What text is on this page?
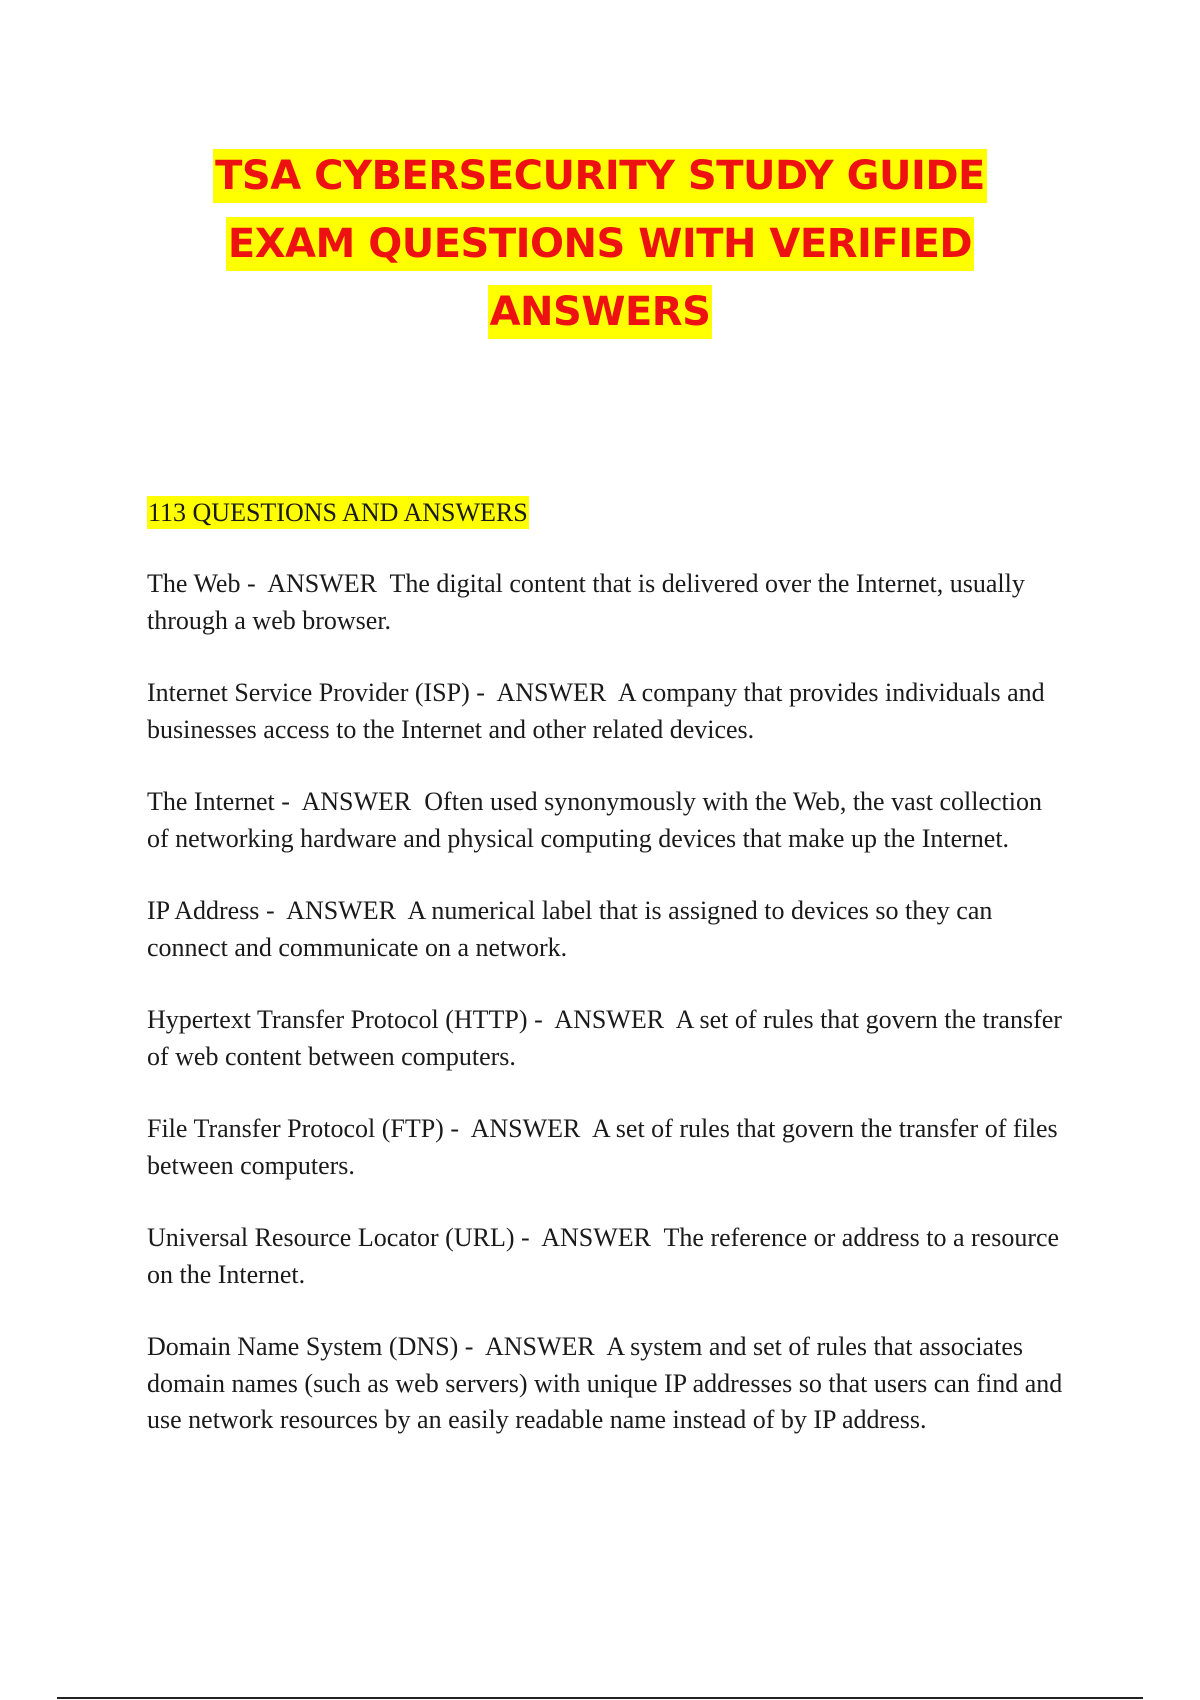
TSA CYBERSECURITY STUDY GUIDE
EXAM QUESTIONS WITH VERIFIED
ANSWERS
113 QUESTIONS AND ANSWERS

The Web - ANSWER The digital content that is delivered over the Internet, usually through a web browser.

Internet Service Provider (ISP) - ANSWER A company that provides individuals and businesses access to the Internet and other related devices.

The Internet - ANSWER Often used synonymously with the Web, the vast collection of networking hardware and physical computing devices that make up the Internet.

IP Address - ANSWER A numerical label that is assigned to devices so they can connect and communicate on a network.

Hypertext Transfer Protocol (HTTP) - ANSWER A set of rules that govern the transfer of web content between computers.

File Transfer Protocol (FTP) - ANSWER A set of rules that govern the transfer of files between computers.

Universal Resource Locator (URL) - ANSWER The reference or address to a resource on the Internet.

Domain Name System (DNS) - ANSWER A system and set of rules that associates domain names (such as web servers) with unique IP addresses so that users can find and use network resources by an easily readable name instead of by IP address.
